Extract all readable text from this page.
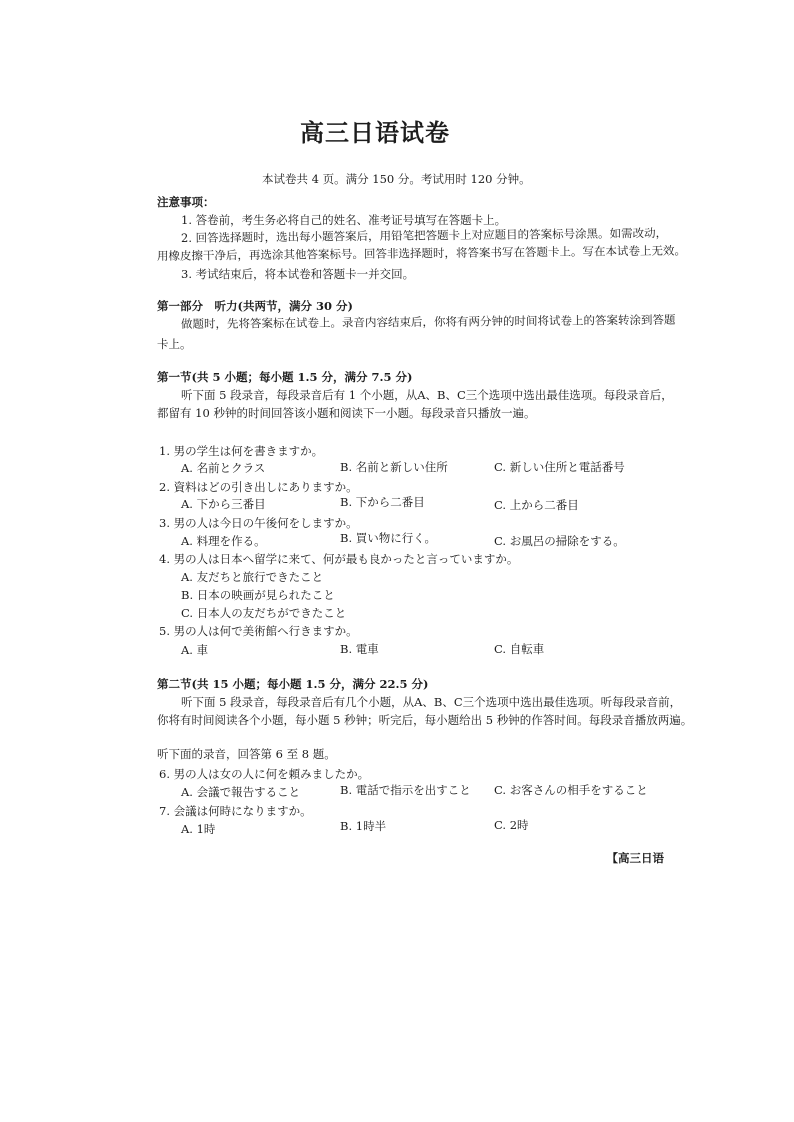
高三日语试卷
本试卷共 4 页。满分 150 分。考试用时 120 分钟。
注意事项：
1. 答卷前，考生务必将自己的姓名、准考证号填写在答题卡上。
2. 回答选择题时，选出每小题答案后，用铅笔把答题卡上对应题目的答案标号涂黑。如需改动，
用橡皮擦干净后，再选涂其他答案标号。回答非选择题时，将答案书写在答题卡上。写在本试卷上无效。
3. 考试结束后，将本试卷和答题卡一并交回。
第一部分　听力(共两节，满分 30 分)
做题时，先将答案标在试卷上。录音内容结束后，你将有两分钟的时间将试卷上的答案转涂到答题
卡上。
第一节(共 5 小题；每小题 1.5 分，满分 7.5 分)
听下面 5 段录音，每段录音后有 1 个小题，从A、B、C三个选项中选出最佳选项。每段录音后，
都留有 10 秒钟的时间回答该小题和阅读下一小题。每段录音只播放一遍。
1. 男の学生は何を書きますか。
A. 名前とクラス	B. 名前と新しい住所	C. 新しい住所と電話番号
2. 資料はどの引き出しにありますか。
A. 下から三番目	B. 下から二番目	C. 上から二番目
3. 男の人は今日の午後何をしますか。
A. 料理を作る。	B. 買い物に行く。	C. お風呂の掃除をする。
4. 男の人は日本へ留学に来て、何が最も良かったと言っていますか。
A. 友だちと旅行できたこと
B. 日本の映画が見られたこと
C. 日本人の友だちができたこと
5. 男の人は何で美術館へ行きますか。
A. 車	B. 電車	C. 自転車
第二节(共 15 小题；每小题 1.5 分，满分 22.5 分)
听下面 5 段录音，每段录音后有几个小题，从A、B、C三个选项中选出最佳选项。听每段录音前，
你将有时间阅读各个小题，每小题 5 秒钟；听完后，每小题给出 5 秒钟的作答时间。每段录音播放两遍。
听下面的录音，回答第 6 至 8 题。
6. 男の人は女の人に何を頼みましたか。
A. 会議で報告すること	B. 電話で指示を出すこと C. お客さんの相手をすること
7. 会議は何時になりますか。
A. 1時	B. 1時半	C. 2時
【高三日语
